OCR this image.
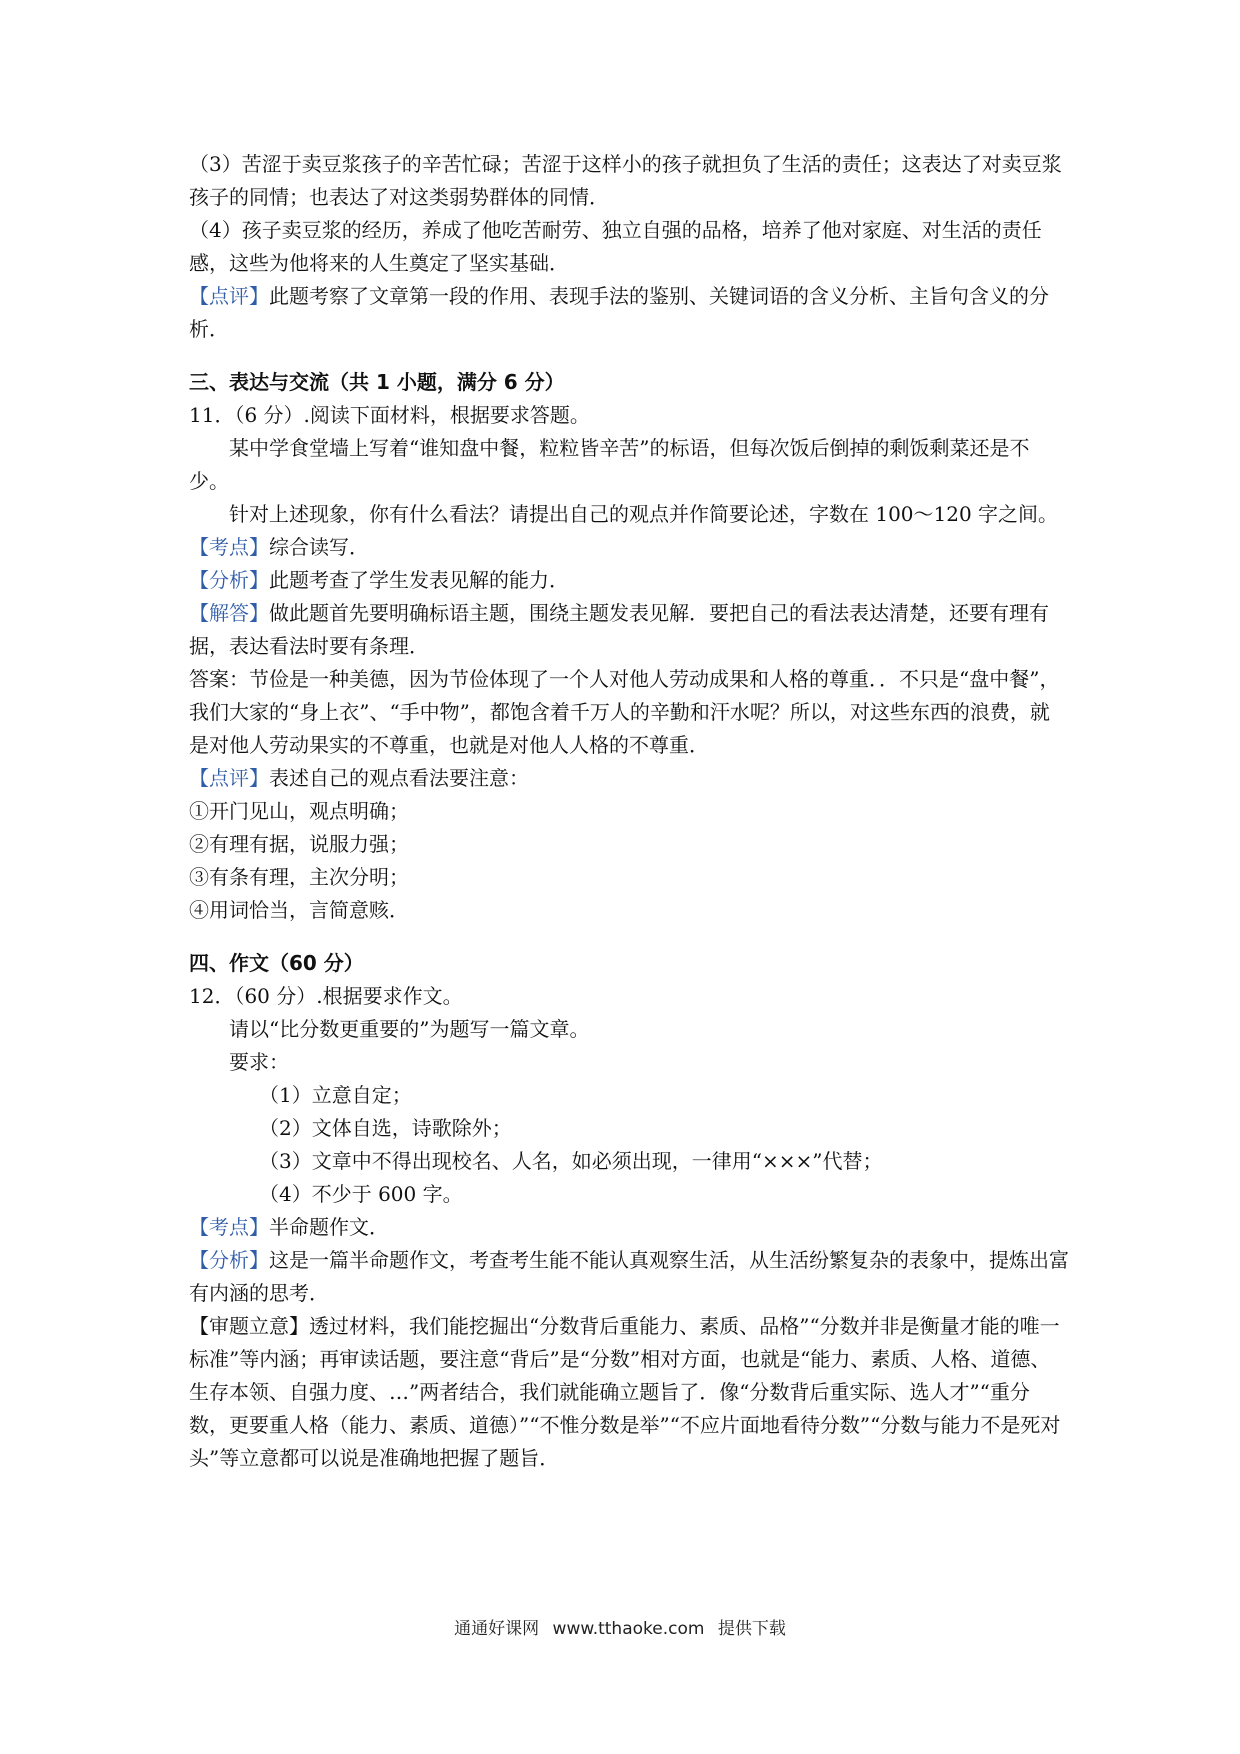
（3）苦涩于卖豆浆孩子的辛苦忙碌；苦涩于这样小的孩子就担负了生活的责任；这表达了对卖豆浆孩子的同情；也表达了对这类弱势群体的同情．

（4）孩子卖豆浆的经历，养成了他吃苦耐劳、独立自强的品格，培养了他对家庭、对生活的责任感，这些为他将来的人生奠定了坚实基础．

【点评】此题考察了文章第一段的作用、表现手法的鉴别、关键词语的含义分析、主旨句含义的分析．

三、表达与交流（共 1 小题，满分 6 分）

11．（6 分）.阅读下面材料，根据要求答题。

某中学食堂墙上写着“谁知盘中餐，粒粒皆辛苦”的标语，但每次饭后倒掉的剩饭剩菜还是不少。

针对上述现象，你有什么看法？请提出自己的观点并作简要论述，字数在 100～120 字之间。

【考点】综合读写．

【分析】此题考查了学生发表见解的能力．

【解答】做此题首先要明确标语主题，围绕主题发表见解．要把自己的看法表达清楚，还要有理有据，表达看法时要有条理．

答案：节俭是一种美德，因为节俭体现了一个人对他人劳动成果和人格的尊重．．不只是“盘中餐”，我们大家的“身上衣”、“手中物”，都饱含着千万人的辛勤和汗水呢？所以，对这些东西的浪费，就是对他人劳动果实的不尊重，也就是对他人人格的不尊重．

【点评】表述自己的观点看法要注意：

①开门见山，观点明确；

②有理有据，说服力强；

③有条有理，主次分明；

④用词恰当，言简意赅．

四、作文（60 分）

12．（60 分）.根据要求作文。

请以“比分数更重要的”为题写一篇文章。

要求：

（1）立意自定；

（2）文体自选，诗歌除外；

（3）文章中不得出现校名、人名，如必须出现，一律用“×××”代替；

（4）不少于 600 字。

【考点】半命题作文．

【分析】这是一篇半命题作文，考查考生能不能认真观察生活，从生活纷繁复杂的表象中，提炼出富有内涵的思考．

【审题立意】透过材料，我们能挖掘出“分数背后重能力、素质、品格”“分数并非是衡量才能的唯一标准”等内涵；再审读话题，要注意“背后”是“分数”相对方面，也就是“能力、素质、人格、道德、生存本领、自强力度、…”两者结合，我们就能确立题旨了．像“分数背后重实际、选人才”“重分数，更要重人格（能力、素质、道德）”“不惟分数是举”“不应片面地看待分数”“分数与能力不是死对头”等立意都可以说是准确地把握了题旨．

通通好课网 www.tthaoke.com 提供下载
